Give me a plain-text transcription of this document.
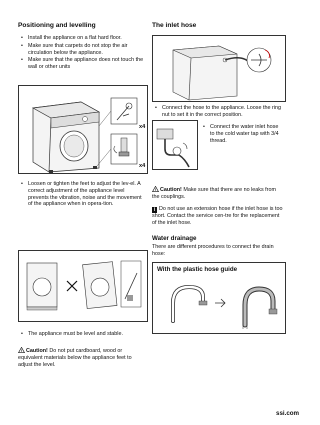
Positioning and levelling

• Install the appliance on a flat hard floor.

• Make sure that carpets do not stop the air circulation below the appliance.

• Make sure that the appliance does not touch the wall or other units

x4
x4

• Loosen or tighten the feet to adjust the lev-el. A correct adjustment of the appliance level prevents the vibration, noise and the movement of the appliance when in opera-tion.

• The appliance must be level and stable.

! Caution! Do not put cardboard, wood or equivalent materials below the appliance feet to adjust the level.

The inlet hose

• Connect the hose to the appliance. Loose the ring nut to set it in the correct position.

• Connect the water inlet hose to the cold water tap with 3/4 thread.

! Caution! Make sure that there are no leaks from the couplings.

i Do not use an extension hose if the inlet hose is too short. Contact the service cen-tre for the replacement of the inlet hose.

Water drainage

There are different procedures to connect the drain hose:

With the plastic hose guide
ssi.com
